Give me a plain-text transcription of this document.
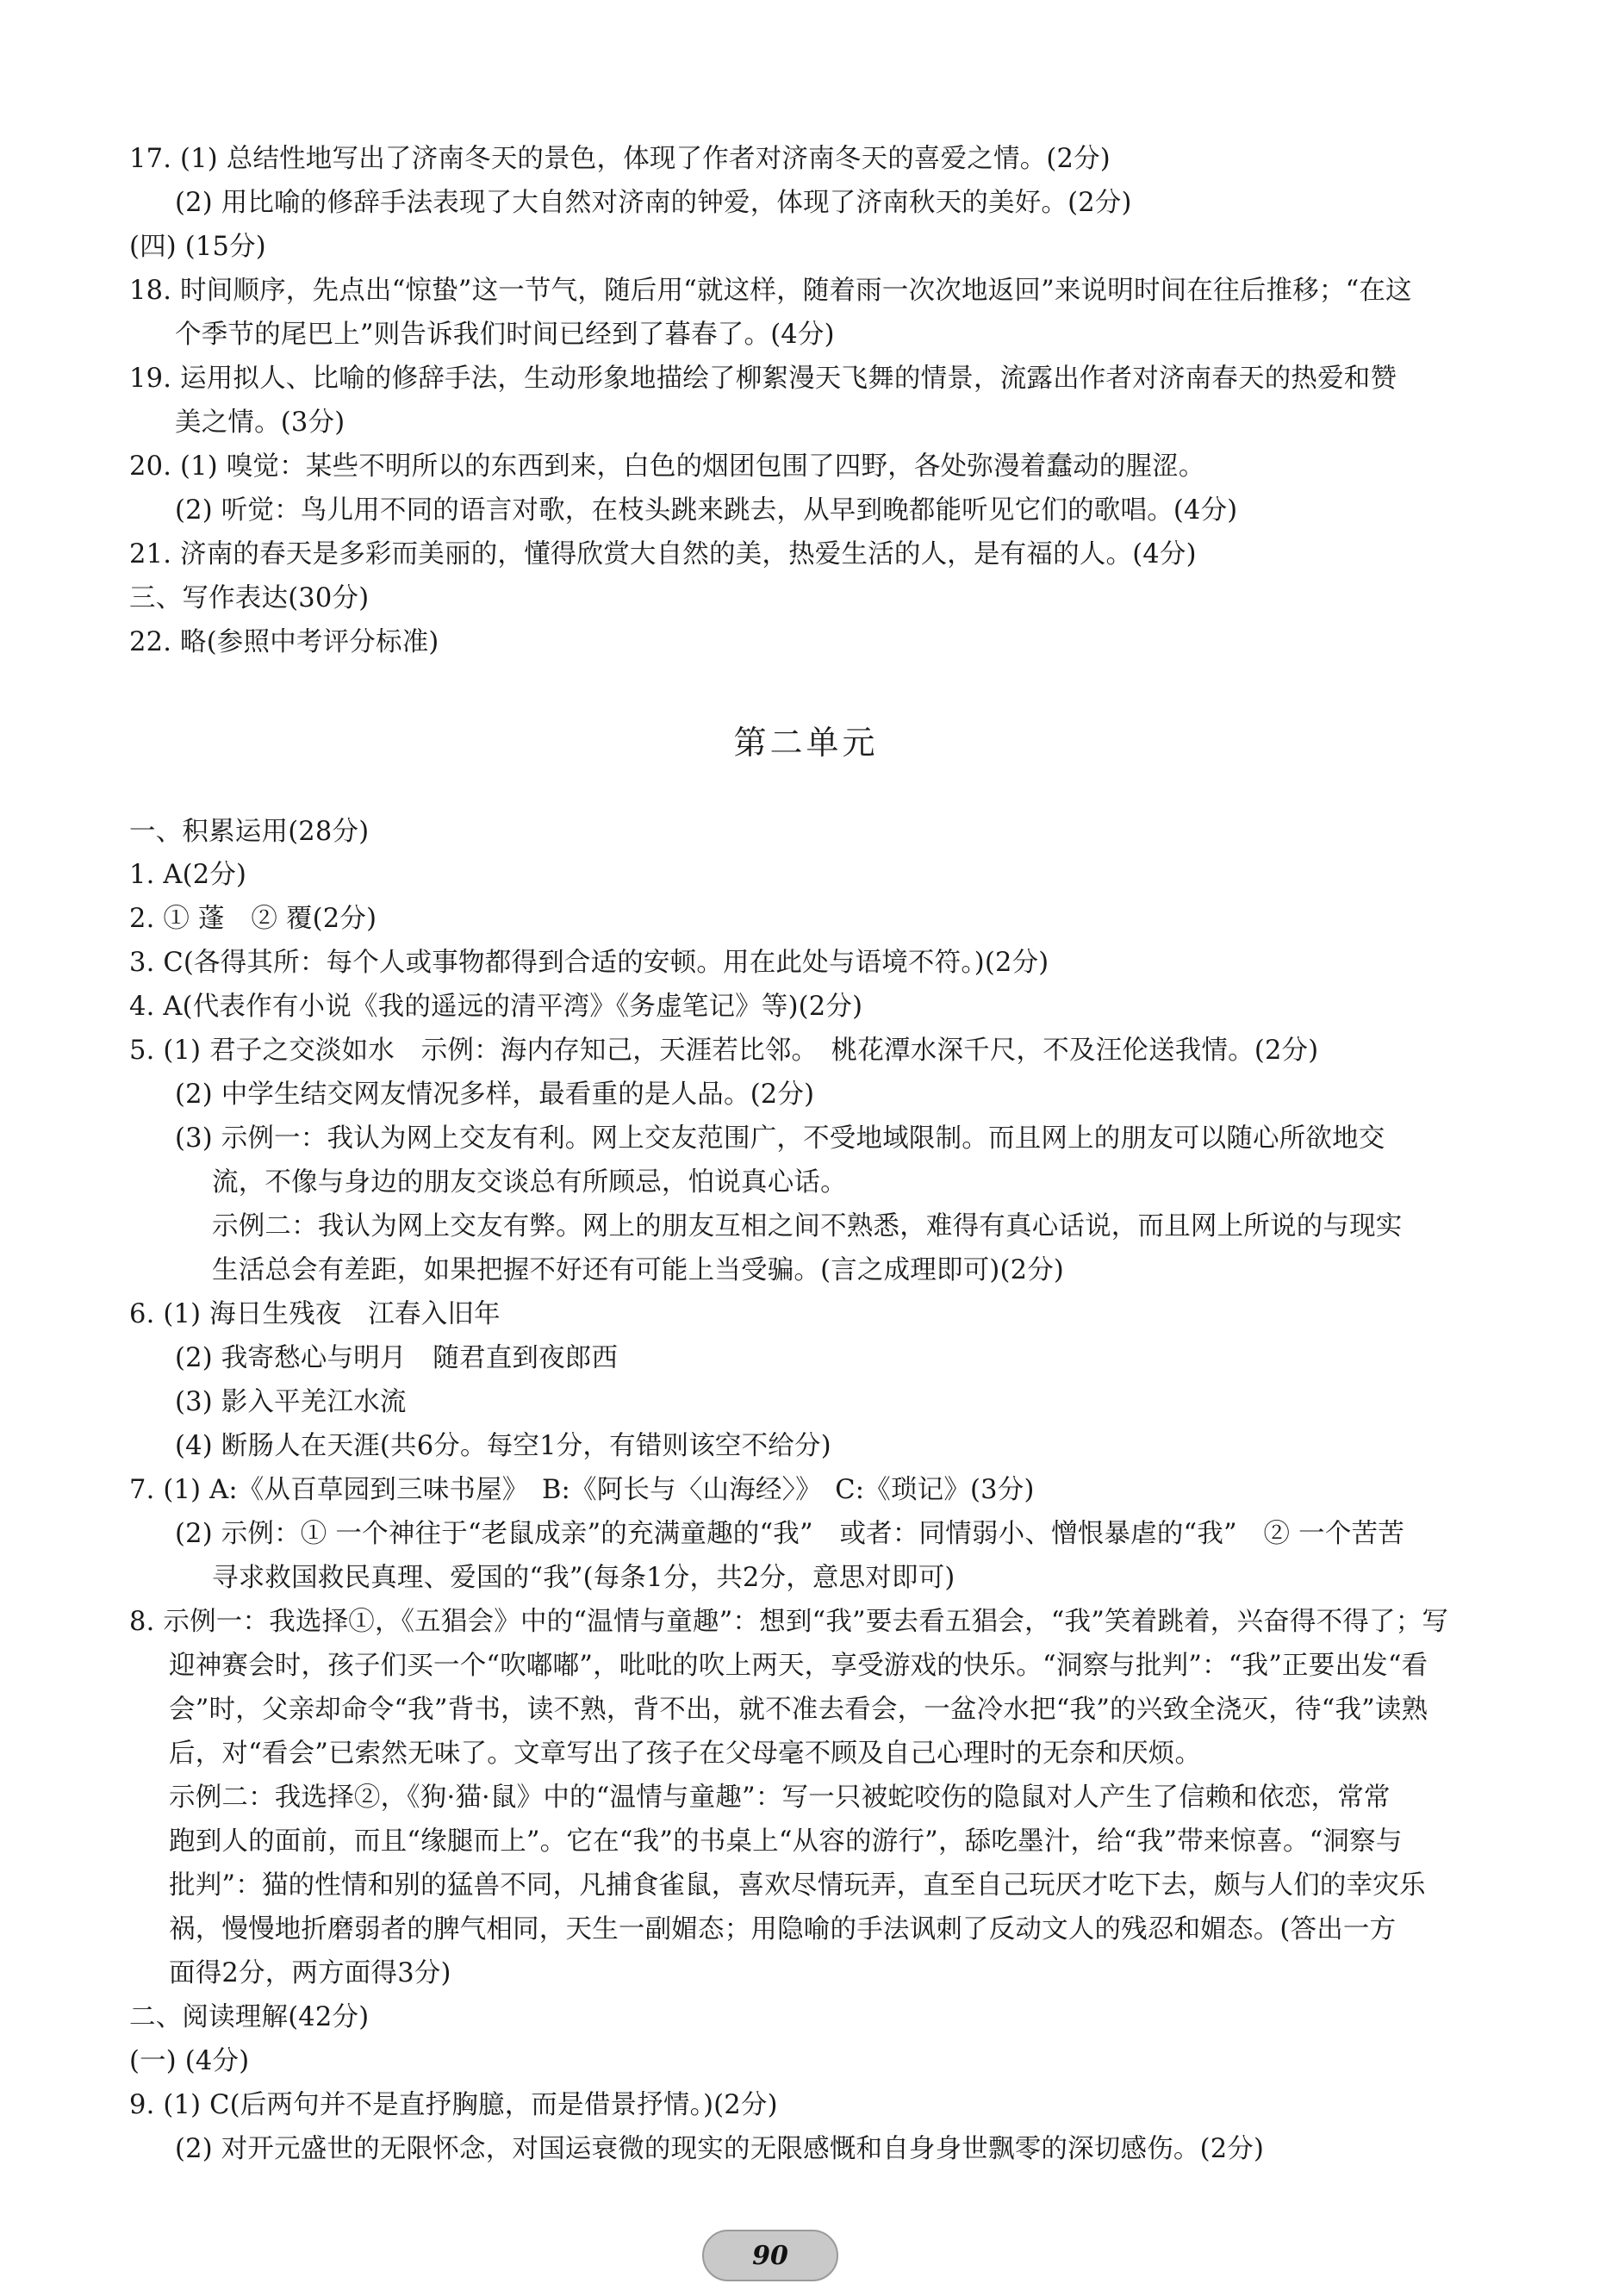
17. (1) 总结性地写出了济南冬天的景色，体现了作者对济南冬天的喜爱之情。(2分)
(2) 用比喻的修辞手法表现了大自然对济南的钟爱，体现了济南秋天的美好。(2分)
(四) (15分)
18. 时间顺序，先点出“惊蛰”这一节气，随后用“就这样，随着雨一次次地返回”来说明时间在往后推移；“在这
个季节的尾巴上”则告诉我们时间已经到了暮春了。(4分)
19. 运用拟人、比喻的修辞手法，生动形象地描绘了柳絮漫天飞舞的情景，流露出作者对济南春天的热爱和赞
美之情。(3分)
20. (1) 嗅觉：某些不明所以的东西到来，白色的烟团包围了四野，各处弥漫着蠢动的腥涩。
(2) 听觉：鸟儿用不同的语言对歌，在枝头跳来跳去，从早到晚都能听见它们的歌唱。(4分)
21. 济南的春天是多彩而美丽的，懂得欣赏大自然的美，热爱生活的人，是有福的人。(4分)
三、写作表达(30分)
22. 略(参照中考评分标准)
第二单元
一、积累运用(28分)
1. A(2分)
2. ① 蓬　② 覆(2分)
3. C(各得其所：每个人或事物都得到合适的安顿。用在此处与语境不符。)(2分)
4. A(代表作有小说《我的遥远的清平湾》《务虚笔记》等)(2分)
5. (1) 君子之交淡如水　示例：海内存知己，天涯若比邻。　桃花潭水深千尺，不及汪伦送我情。(2分)
(2) 中学生结交网友情况多样，最看重的是人品。(2分)
(3) 示例一：我认为网上交友有利。网上交友范围广，不受地域限制。而且网上的朋友可以随心所欲地交
流，不像与身边的朋友交谈总有所顾忌，怕说真心话。
示例二：我认为网上交友有弊。网上的朋友互相之间不熟悉，难得有真心话说，而且网上所说的与现实
生活总会有差距，如果把握不好还有可能上当受骗。(言之成理即可)(2分)
6. (1) 海日生残夜　江春入旧年
(2) 我寄愁心与明月　随君直到夜郎西
(3) 影入平羌江水流
(4) 断肠人在天涯(共6分。每空1分，有错则该空不给分)
7. (1) A:《从百草园到三味书屋》　B:《阿长与〈山海经〉》　C:《琐记》(3分)
(2) 示例：① 一个神往于“老鼠成亲”的充满童趣的“我”　或者：同情弱小、憎恨暴虐的“我”　② 一个苦苦
寻求救国救民真理、爱国的“我”(每条1分，共2分，意思对即可)
8. 示例一：我选择①，《五猖会》中的“温情与童趣”：想到“我”要去看五猖会，“我”笑着跳着，兴奋得不得了；写
迎神赛会时，孩子们买一个“吹嘟嘟”，吡吡的吹上两天，享受游戏的快乐。“洞察与批判”：“我”正要出发“看
会”时，父亲却命令“我”背书，读不熟，背不出，就不准去看会，一盆冷水把“我”的兴致全浇灭，待“我”读熟
后，对“看会”已索然无味了。文章写出了孩子在父母毫不顾及自己心理时的无奈和厌烦。
示例二：我选择②，《狗·猫·鼠》中的“温情与童趣”：写一只被蛇咬伤的隐鼠对人产生了信赖和依恋，常常
跑到人的面前，而且“缘腿而上”。它在“我”的书桌上“从容的游行”，舔吃墨汁，给“我”带来惊喜。“洞察与
批判”：猫的性情和别的猛兽不同，凡捕食雀鼠，喜欢尽情玩弄，直至自己玩厌才吃下去，颇与人们的幸灾乐
祸，慢慢地折磨弱者的脾气相同，天生一副媚态；用隐喻的手法讽刺了反动文人的残忍和媚态。(答出一方
面得2分，两方面得3分)
二、阅读理解(42分)
(一) (4分)
9. (1) C(后两句并不是直抒胸臆，而是借景抒情。)(2分)
(2) 对开元盛世的无限怀念，对国运衰微的现实的无限感慨和自身身世飘零的深切感伤。(2分)
90
